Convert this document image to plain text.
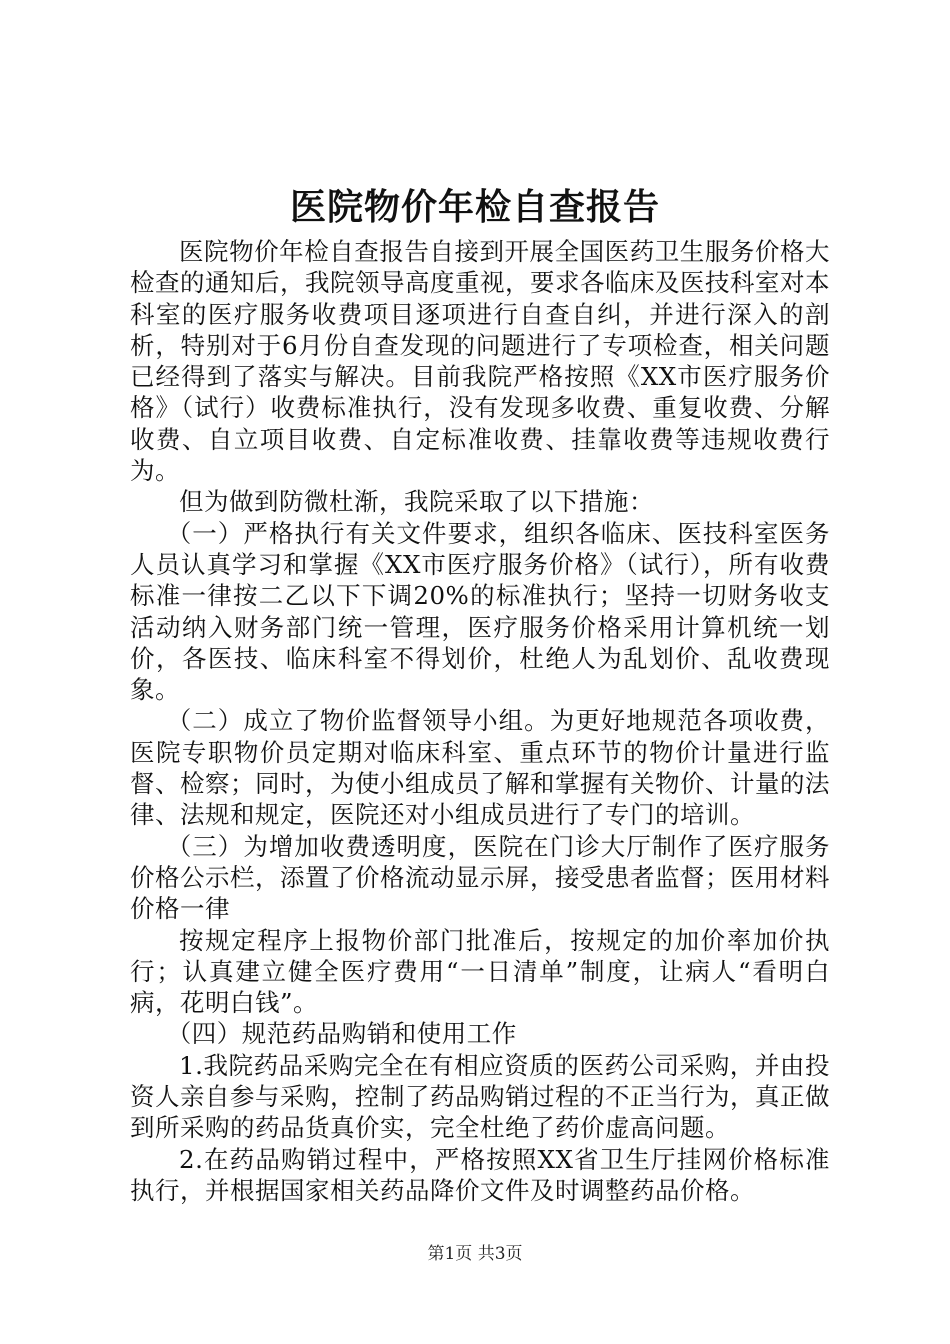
医院物价年检自查报告

医院物价年检自查报告自接到开展全国医药卫生服务价格大检查的通知后，我院领导高度重视，要求各临床及医技科室对本科室的医疗服务收费项目逐项进行自查自纠，并进行深入的剖析，特别对于6月份自查发现的问题进行了专项检查，相关问题已经得到了落实与解决。目前我院严格按照《XX市医疗服务价格》（试行）收费标准执行，没有发现多收费、重复收费、分解收费、自立项目收费、自定标准收费、挂靠收费等违规收费行为。

但为做到防微杜渐，我院采取了以下措施：

（一）严格执行有关文件要求，组织各临床、医技科室医务人员认真学习和掌握《XX市医疗服务价格》（试行），所有收费标准一律按二乙以下下调20%的标准执行；坚持一切财务收支活动纳入财务部门统一管理，医疗服务价格采用计算机统一划价，各医技、临床科室不得划价，杜绝人为乱划价、乱收费现象。

（二）成立了物价监督领导小组。为更好地规范各项收费，医院专职物价员定期对临床科室、重点环节的物价计量进行监督、检察；同时，为使小组成员了解和掌握有关物价、计量的法律、法规和规定，医院还对小组成员进行了专门的培训。

（三）为增加收费透明度，医院在门诊大厅制作了医疗服务价格公示栏，添置了价格流动显示屏，接受患者监督；医用材料价格一律

按规定程序上报物价部门批准后，按规定的加价率加价执行；认真建立健全医疗费用“一日清单”制度，让病人“看明白病，花明白钱”。

（四）规范药品购销和使用工作

1.我院药品采购完全在有相应资质的医药公司采购，并由投资人亲自参与采购，控制了药品购销过程的不正当行为，真正做到所采购的药品货真价实，完全杜绝了药价虚高问题。

2.在药品购销过程中，严格按照XX省卫生厅挂网价格标准执行，并根据国家相关药品降价文件及时调整药品价格。

第1页 共3页
